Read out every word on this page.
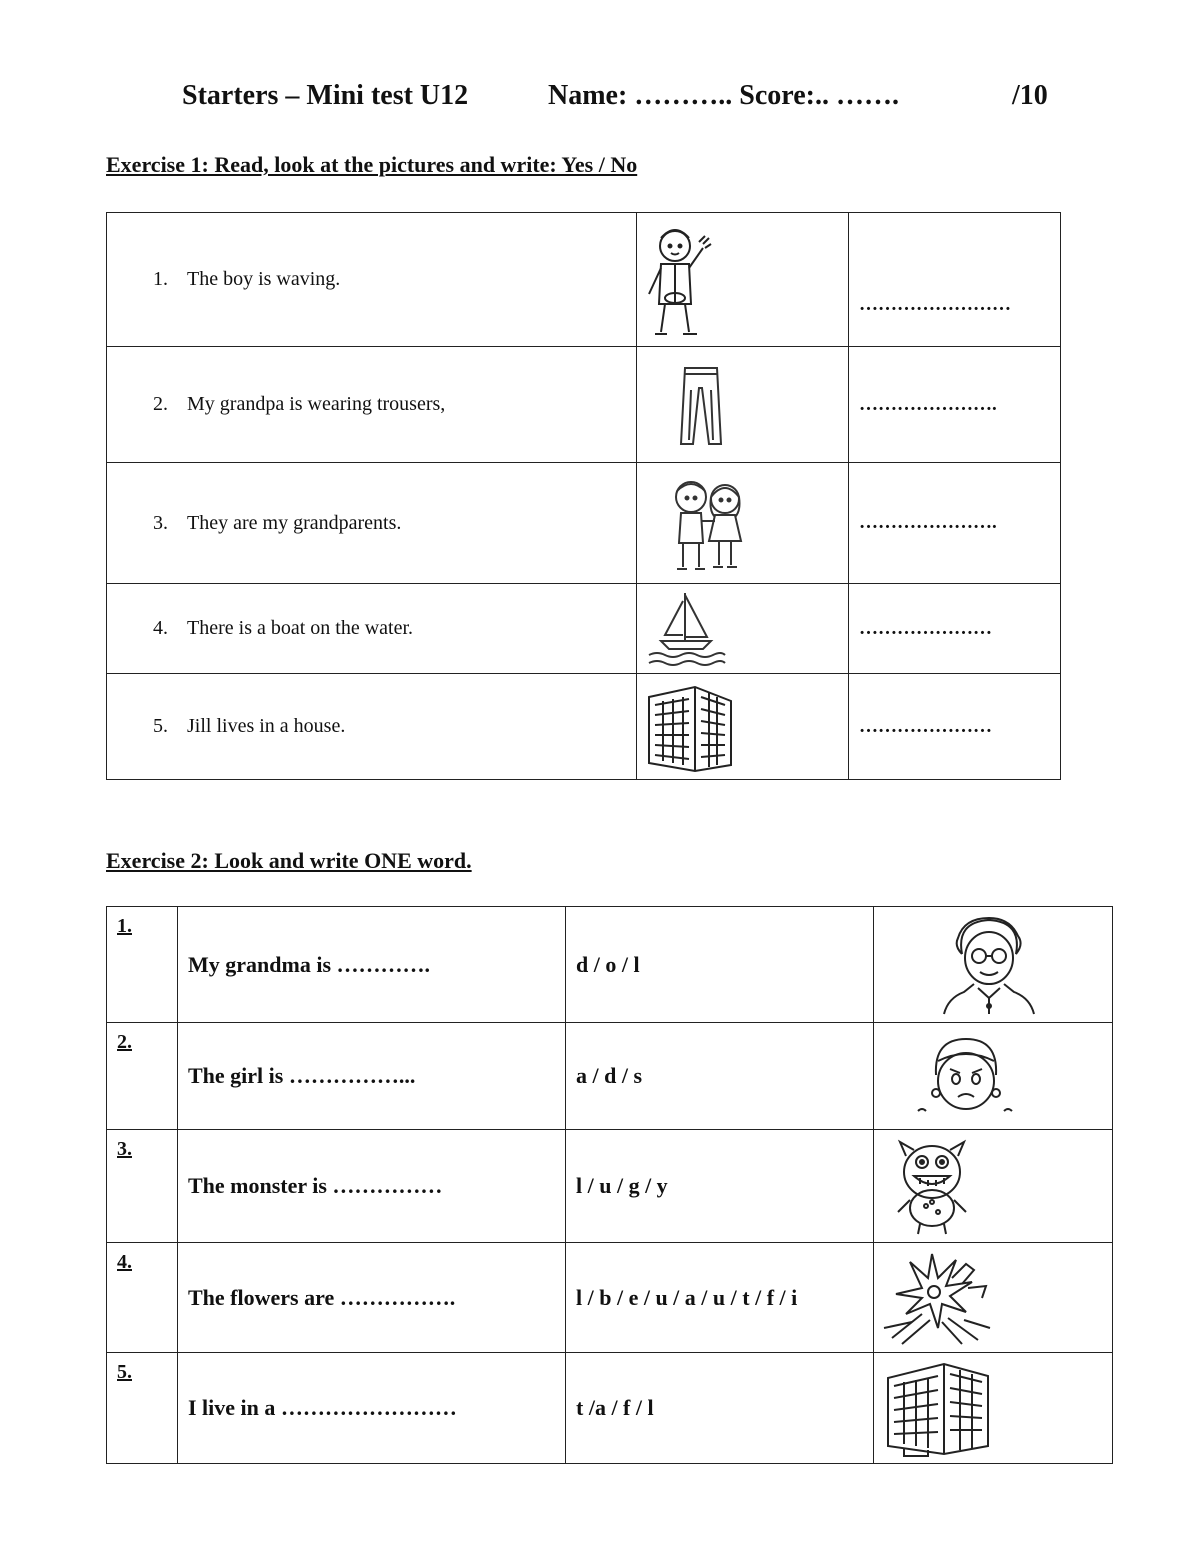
Starters – Mini test U12	Name: ……….. Score:.. …….	/10
Exercise 1: Read, look at the pictures and write: Yes / No
1. The boy is waving.		……………………
2. My grandpa is wearing trousers,		………………….
3. They are my grandparents.		………………….
4. There is a boat on the water.		…………………
5. Jill lives in a house.		…………………
Exercise 2: Look and write ONE word.
1.	My grandma is ………….	d / o / l	

2.	The girl is ……………...	a / d / s	

3.	The monster is ……………	l / u / g / y	

4.	The flowers are …………….	l / b / e / u / a / u / t / f / i	

5.	I live in a ……………………	t /a / f / l	
